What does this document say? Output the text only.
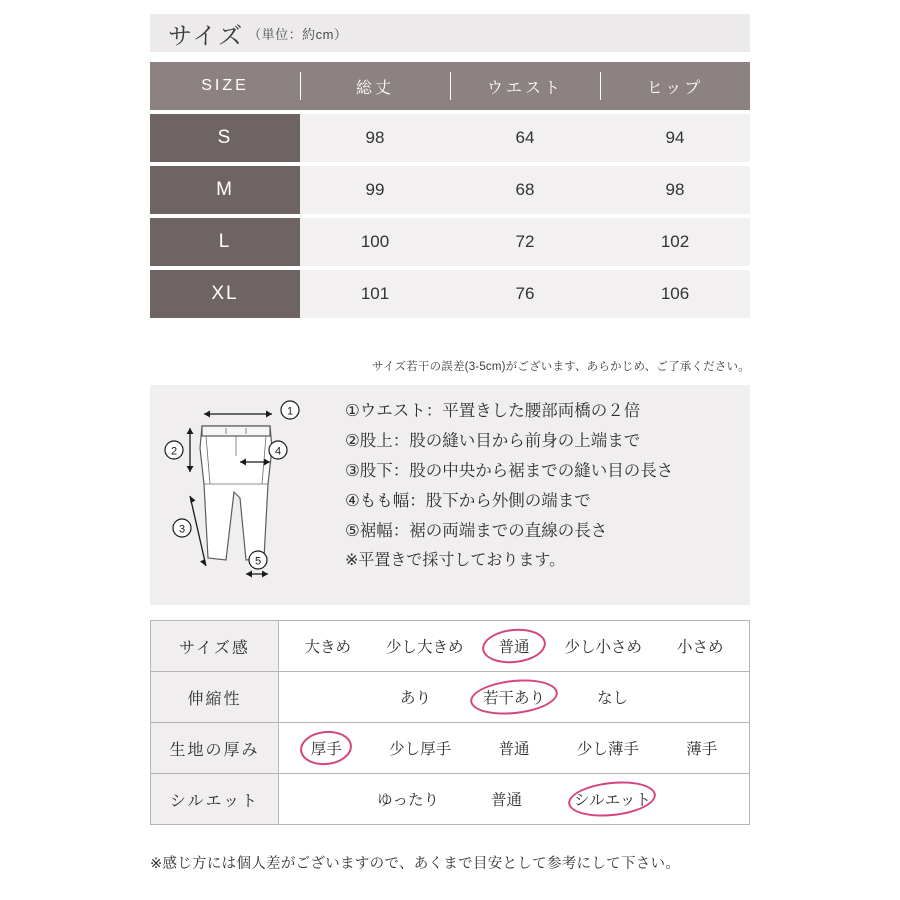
サイズ （単位：約cm）
SIZE	総丈	ウエスト	ヒップ
S	98	64	94
M	99	68	98
L	100	72	102
XL	101	76	106
サイズ若干の誤差(3-5cm)がございます、あらかじめ、ご了承ください。
1
2
3
4
5
①ウエスト：平置きした腰部両橋の２倍
②股上：股の縫い目から前身の上端まで
③股下：股の中央から裾までの縫い目の長さ
④もも幅：股下から外側の端まで
⑤裾幅：裾の両端までの直線の長さ
※平置きで採寸しております。
サイズ感	大きめ 少し大きめ 普通 少し小さめ 小さめ

伸縮性	あり 若干あり なし

生地の厚み	厚手 少し厚手 普通 少し薄手 薄手

シルエット	ゆったり 普通 シルエット
※感じ方には個人差がございますので、あくまで目安として参考にして下さい。
